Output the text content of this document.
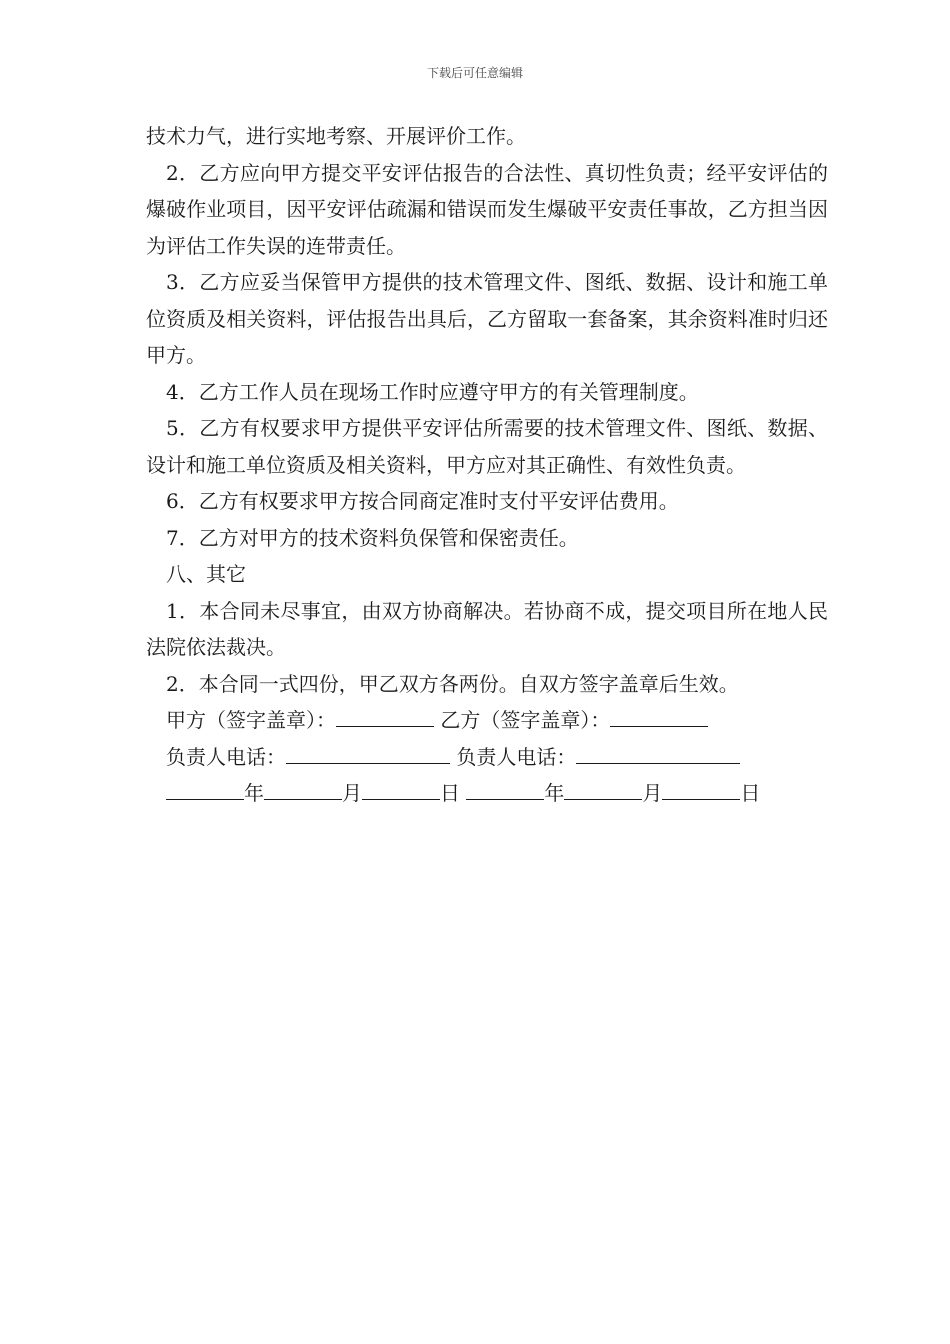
下载后可任意编辑

技术力气，进行实地考察、开展评价工作。

2．乙方应向甲方提交平安评估报告的合法性、真切性负责；经平安评估的爆破作业项目，因平安评估疏漏和错误而发生爆破平安责任事故，乙方担当因为评估工作失误的连带责任。

3．乙方应妥当保管甲方提供的技术管理文件、图纸、数据、设计和施工单位资质及相关资料，评估报告出具后，乙方留取一套备案，其余资料准时归还甲方。

4．乙方工作人员在现场工作时应遵守甲方的有关管理制度。

5．乙方有权要求甲方提供平安评估所需要的技术管理文件、图纸、数据、设计和施工单位资质及相关资料，甲方应对其正确性、有效性负责。

6．乙方有权要求甲方按合同商定准时支付平安评估费用。

7．乙方对甲方的技术资料负保管和保密责任。

八、其它

1．本合同未尽事宜，由双方协商解决。若协商不成，提交项目所在地人民法院依法裁决。

2．本合同一式四份，甲乙双方各两份。自双方签字盖章后生效。

甲方（签字盖章）：	乙方（签字盖章）：
负责人电话：	负责人电话：
年	月	日	年	月	日
